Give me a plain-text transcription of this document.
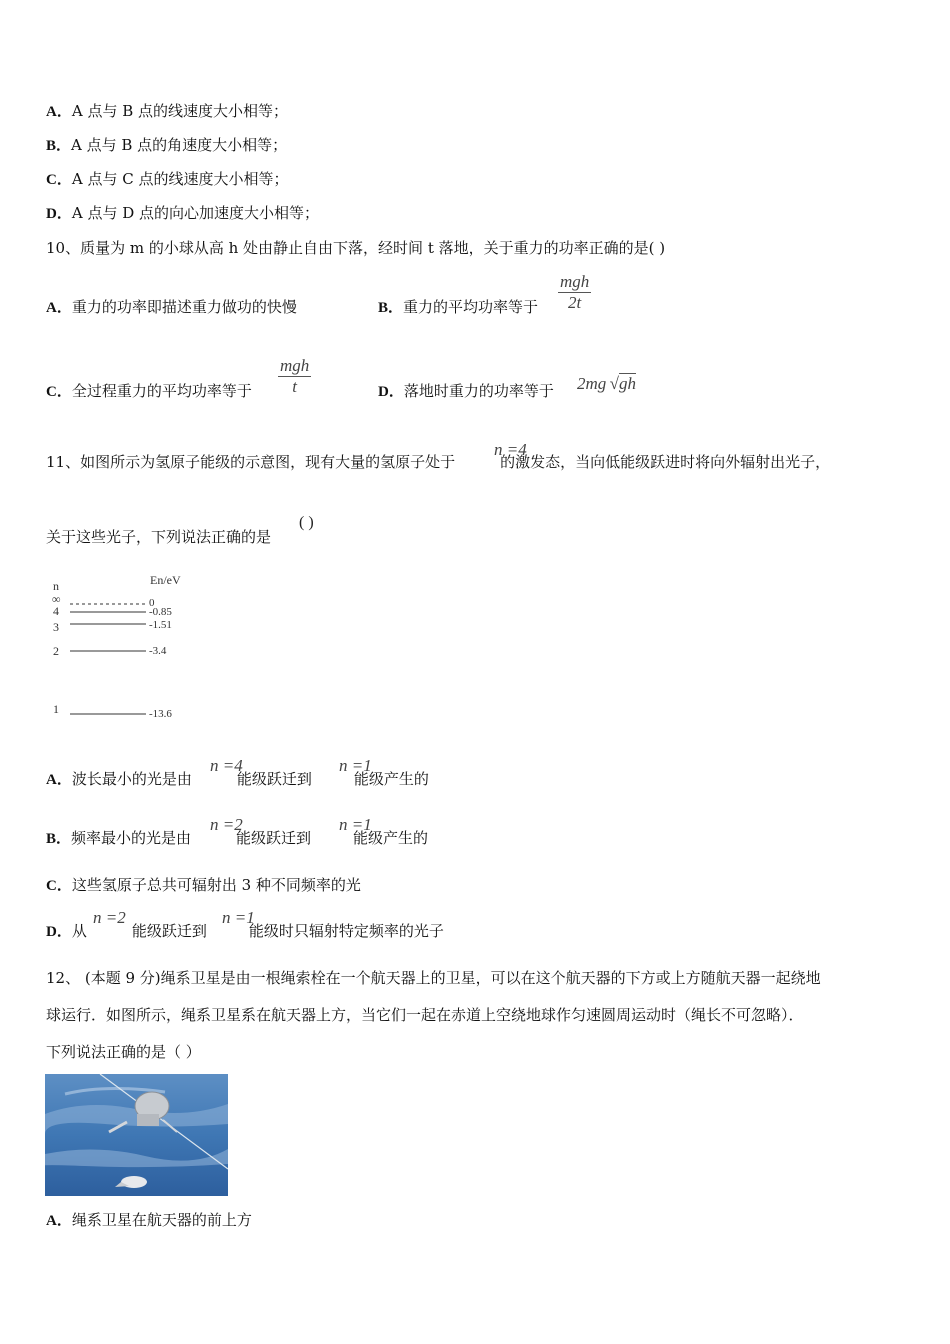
A．A 点与 B 点的线速度大小相等；
B．A 点与 B 点的角速度大小相等；
C．A 点与 C 点的线速度大小相等；
D．A 点与 D 点的向心加速度大小相等；
10、质量为 m 的小球从高 h 处由静止自由下落，经时间 t 落地，关于重力的功率正确的是( )
A．重力的功率即描述重力做功的快慢	B．重力的平均功率等于
mgh
2t
C．全过程重力的平均功率等于
mgh
t	D．落地时重力的功率等于 2mg √gh
11、如图所示为氢原子能级的示意图，现有大量的氢原子处于	的激发态，当向低能级跃进时将向外辐射出光子，
n =4
关于这些光子，下列说法正确的是
( )
n	En/eV
∞	0
4	-0.85
3	-1.51
2	-3.4
1	-13.6
A．波长最小的光是由	能级跃迁到	能级产生的
n =4	n =1
B．频率最小的光是由	能级跃迁到	能级产生的
n =2	n =1
C．这些氢原子总共可辐射出 3 种不同频率的光
D．从	能级跃迁到	能级时只辐射特定频率的光子
n =2	n =1
12、 (本题 9 分)绳系卫星是由一根绳索栓在一个航天器上的卫星，可以在这个航天器的下方或上方随航天器一起绕地
球运行．如图所示，绳系卫星系在航天器上方，当它们一起在赤道上空绕地球作匀速圆周运动时（绳长不可忽略）．
下列说法正确的是（ ）
A．绳系卫星在航天器的前上方
